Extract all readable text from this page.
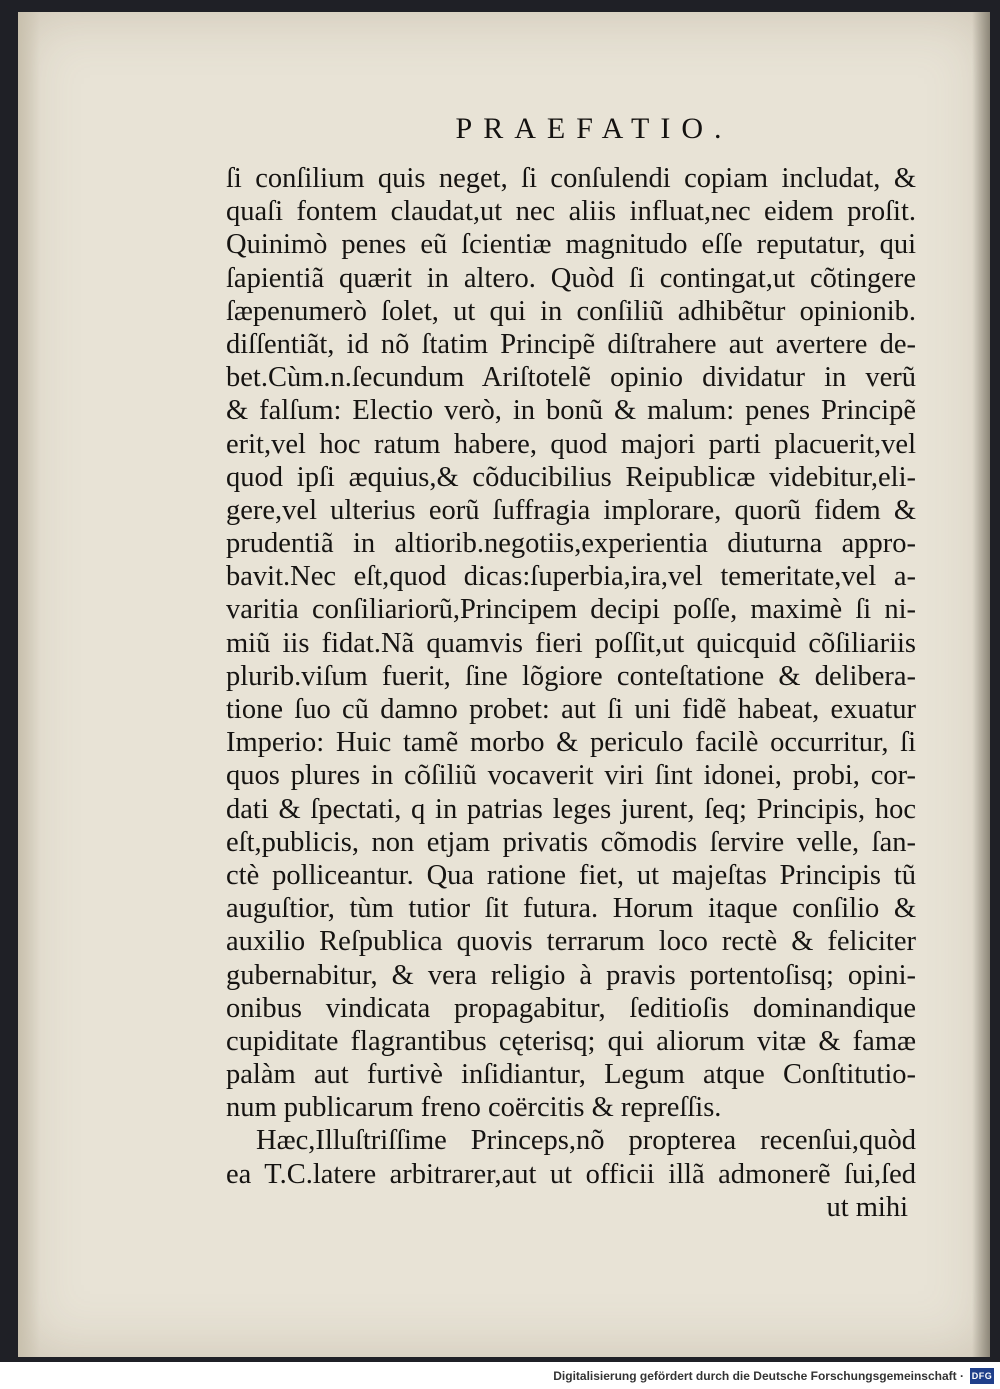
PRAEFATIO.
ſi conſilium quis neget, ſi conſulendi copiam includat, &
quaſi fontem claudat,ut nec aliis influat,nec eidem proſit.
Quinimò penes eũ ſcientiæ magnitudo eſſe reputatur, qui
ſapientiã quærit in altero. Quòd ſi contingat,ut cõtingere
ſæpenumerò ſolet, ut qui in conſiliũ adhibẽtur opinionib.
diſſentiãt, id nõ ſtatim Principẽ diſtrahere aut avertere de-
bet.Cùm.n.ſecundum Ariſtotelẽ opinio dividatur in verũ
& falſum: Electio verò, in bonũ & malum: penes Principẽ
erit,vel hoc ratum habere, quod majori parti placuerit,vel
quod ipſi æquius,& cõducibilius Reipublicæ videbitur,eli-
gere,vel ulterius eorũ ſuffragia implorare, quorũ fidem &
prudentiã in altiorib.negotiis,experientia diuturna appro-
bavit.Nec eſt,quod dicas:ſuperbia,ira,vel temeritate,vel a-
varitia conſiliariorũ,Principem decipi poſſe, maximè ſi ni-
miũ iis fidat.Nã quamvis fieri poſſit,ut quicquid cõſiliariis
plurib.viſum fuerit, ſine lõgiore conteſtatione & delibera-
tione ſuo cũ damno probet: aut ſi uni fidẽ habeat, exuatur
Imperio: Huic tamẽ morbo & periculo facilè occurritur, ſi
quos plures in cõſiliũ vocaverit viri ſint idonei, probi, cor-
dati & ſpectati, q in patrias leges jurent, ſeq; Principis, hoc
eſt,publicis, non etjam privatis cõmodis ſervire velle, ſan-
ctè polliceantur. Qua ratione fiet, ut majeſtas Principis tũ
auguſtior, tùm tutior ſit futura. Horum itaque conſilio &
auxilio Reſpublica quovis terrarum loco rectè & feliciter
gubernabitur, & vera religio à pravis portentoſisq; opini-
onibus vindicata propagabitur, ſeditioſis dominandique
cupiditate flagrantibus cęterisq; qui aliorum vitæ & famæ
palàm aut furtivè inſidiantur, Legum atque Conſtitutio-
num publicarum freno coërcitis & repreſſis.
Hæc,Illuſtriſſime Princeps,nõ propterea recenſui,quòd
ea T.C.latere arbitrarer,aut ut officii illã admonerẽ ſui,ſed
ut mihi
Digitalisierung gefördert durch die Deutsche Forschungsgemeinschaft · DFG
